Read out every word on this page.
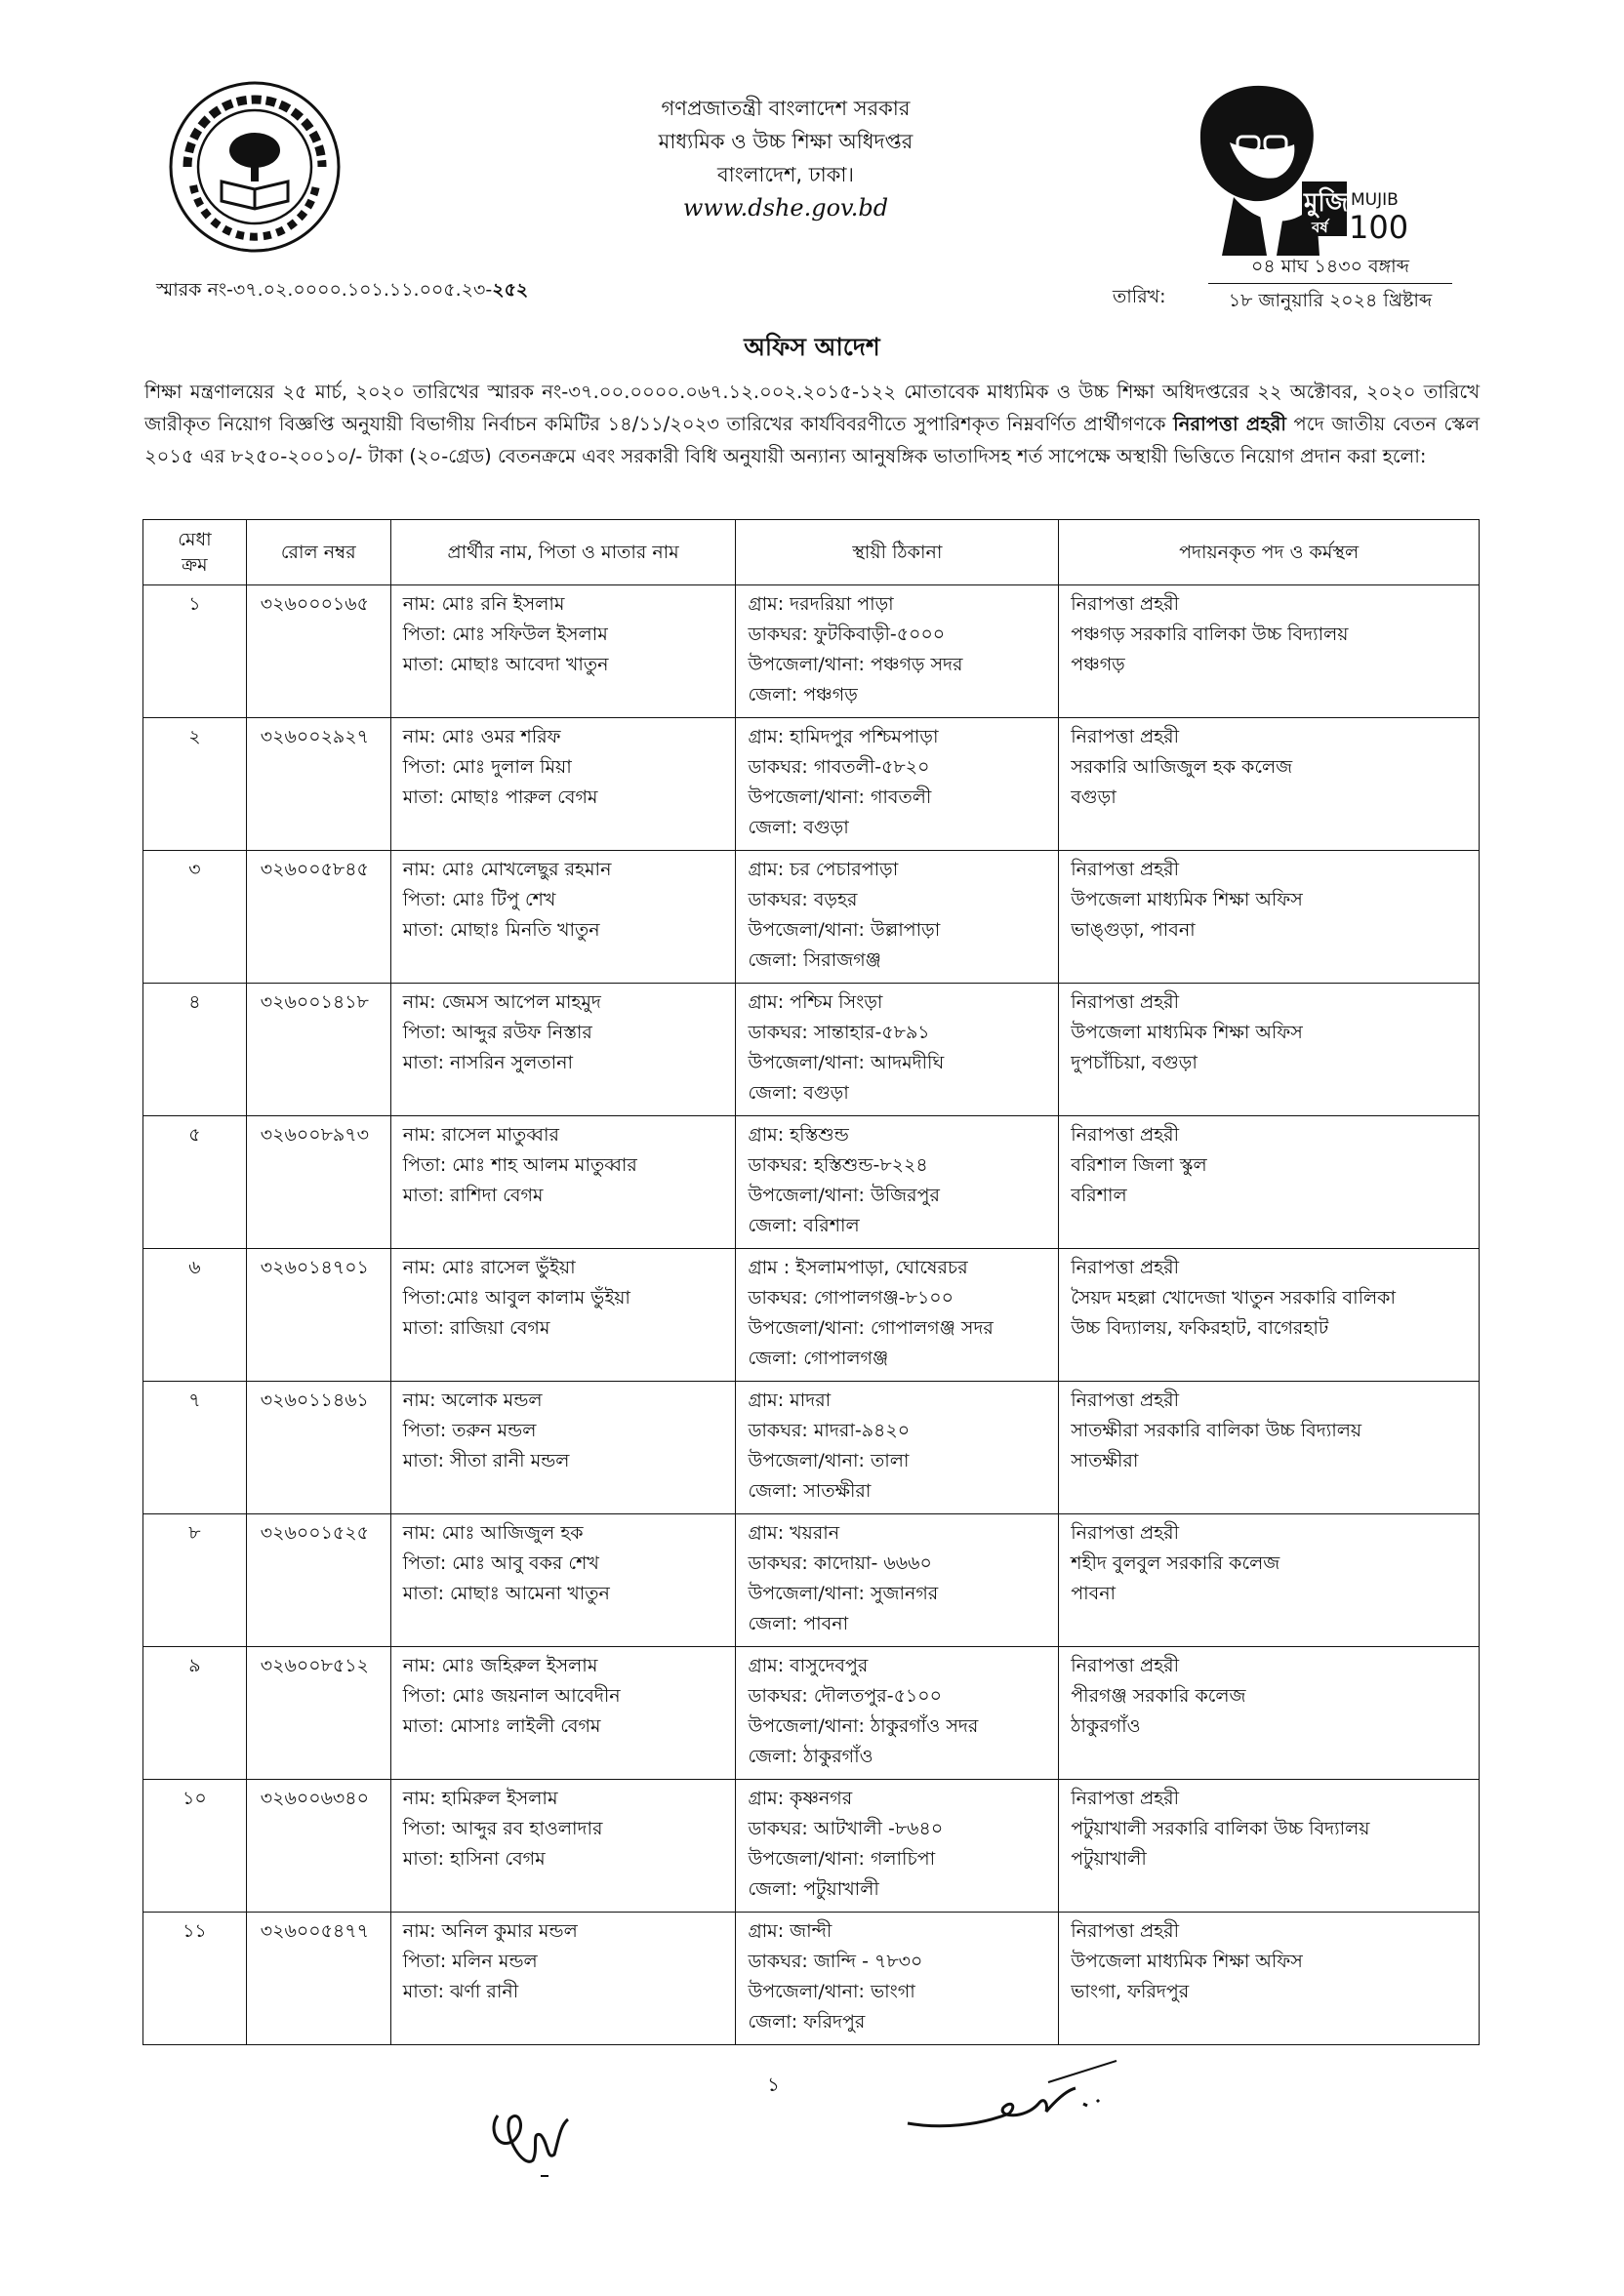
গণপ্রজাতন্ত্রী বাংলাদেশ সরকার
মাধ্যমিক ও উচ্চ শিক্ষা অধিদপ্তর
বাংলাদেশ, ঢাকা।
www.dshe.gov.bd	মুজিব
বর্ষ
MUJIB
100
স্মারক নং-৩৭.০২.০০০০.১০১.১১.০০৫.২৩-২৫২	তারিখ:
০৪ মাঘ ১৪৩০ বঙ্গাব্দ
১৮ জানুয়ারি ২০২৪ খ্রিষ্টাব্দ
অফিস আদেশ
শিক্ষা মন্ত্রণালয়ের ২৫ মার্চ, ২০২০ তারিখের স্মারক নং-৩৭.০০.০০০০.০৬৭.১২.০০২.২০১৫-১২২ মোতাবেক মাধ্যমিক ও উচ্চ শিক্ষা অধিদপ্তরের ২২ অক্টোবর, ২০২০ তারিখে জারীকৃত নিয়োগ বিজ্ঞপ্তি অনুযায়ী বিভাগীয় নির্বাচন কমিটির ১৪/১১/২০২৩ তারিখের কার্যবিবরণীতে সুপারিশকৃত নিম্নবর্ণিত প্রার্থীগণকে নিরাপত্তা প্রহরী পদে জাতীয় বেতন স্কেল ২০১৫ এর ৮২৫০-২০০১০/- টাকা (২০-গ্রেড) বেতনক্রমে এবং সরকারী বিধি অনুযায়ী অন্যান্য আনুষঙ্গিক ভাতাদিসহ শর্ত সাপেক্ষে অস্থায়ী ভিত্তিতে নিয়োগ প্রদান করা হলো:
মেধা
ক্রম	রোল নম্বর	প্রার্থীর নাম, পিতা ও মাতার নাম	স্থায়ী ঠিকানা	পদায়নকৃত পদ ও কর্মস্থল
১	৩২৬০০০১৬৫	নাম: মোঃ রনি ইসলাম
পিতা: মোঃ সফিউল ইসলাম
মাতা: মোছাঃ আবেদা খাতুন	গ্রাম: দরদরিয়া পাড়া
ডাকঘর: ফুটকিবাড়ী-৫০০০
উপজেলা/থানা: পঞ্চগড় সদর
জেলা: পঞ্চগড়	নিরাপত্তা প্রহরী
পঞ্চগড় সরকারি বালিকা উচ্চ বিদ্যালয়
পঞ্চগড়

২	৩২৬০০২৯২৭	নাম: মোঃ ওমর শরিফ
পিতা: মোঃ দুলাল মিয়া
মাতা: মোছাঃ পারুল বেগম	গ্রাম: হামিদপুর পশ্চিমপাড়া
ডাকঘর: গাবতলী-৫৮২০
উপজেলা/থানা: গাবতলী
জেলা: বগুড়া	নিরাপত্তা প্রহরী
সরকারি আজিজুল হক কলেজ
বগুড়া

৩	৩২৬০০৫৮৪৫	নাম: মোঃ মোখলেছুর রহমান
পিতা: মোঃ টিপু শেখ
মাতা: মোছাঃ মিনতি খাতুন	গ্রাম: চর পেচারপাড়া
ডাকঘর: বড়হর
উপজেলা/থানা: উল্লাপাড়া
জেলা: সিরাজগঞ্জ	নিরাপত্তা প্রহরী
উপজেলা মাধ্যমিক শিক্ষা অফিস
ভাঙ্গুড়া, পাবনা

৪	৩২৬০০১৪১৮	নাম: জেমস আপেল মাহমুদ
পিতা: আব্দুর রউফ নিস্তার
মাতা: নাসরিন সুলতানা	গ্রাম: পশ্চিম সিংড়া
ডাকঘর: সান্তাহার-৫৮৯১
উপজেলা/থানা: আদমদীঘি
জেলা: বগুড়া	নিরাপত্তা প্রহরী
উপজেলা মাধ্যমিক শিক্ষা অফিস
দুপচাঁচিয়া, বগুড়া

৫	৩২৬০০৮৯৭৩	নাম: রাসেল মাতুব্বার
পিতা: মোঃ শাহ আলম মাতুব্বার
মাতা: রাশিদা বেগম	গ্রাম: হস্তিশুন্ড
ডাকঘর: হস্তিশুন্ড-৮২২৪
উপজেলা/থানা: উজিরপুর
জেলা: বরিশাল	নিরাপত্তা প্রহরী
বরিশাল জিলা স্কুল
বরিশাল

৬	৩২৬০১৪৭০১	নাম: মোঃ রাসেল ভুঁইয়া
পিতা:মোঃ আবুল কালাম ভুঁইয়া
মাতা: রাজিয়া বেগম	গ্রাম : ইসলামপাড়া, ঘোষেরচর
ডাকঘর: গোপালগঞ্জ-৮১০০
উপজেলা/থানা: গোপালগঞ্জ সদর
জেলা: গোপালগঞ্জ	নিরাপত্তা প্রহরী
সৈয়দ মহল্লা খোদেজা খাতুন সরকারি বালিকা
উচ্চ বিদ্যালয়, ফকিরহাট, বাগেরহাট

৭	৩২৬০১১৪৬১	নাম: অলোক মন্ডল
পিতা: তরুন মন্ডল
মাতা: সীতা রানী মন্ডল	গ্রাম: মাদরা
ডাকঘর: মাদরা-৯৪২০
উপজেলা/থানা: তালা
জেলা: সাতক্ষীরা	নিরাপত্তা প্রহরী
সাতক্ষীরা সরকারি বালিকা উচ্চ বিদ্যালয়
সাতক্ষীরা

৮	৩২৬০০১৫২৫	নাম: মোঃ আজিজুল হক
পিতা: মোঃ আবু বকর শেখ
মাতা: মোছাঃ আমেনা খাতুন	গ্রাম: খয়রান
ডাকঘর: কাদোয়া- ৬৬৬০
উপজেলা/থানা: সুজানগর
জেলা: পাবনা	নিরাপত্তা প্রহরী
শহীদ বুলবুল সরকারি কলেজ
পাবনা

৯	৩২৬০০৮৫১২	নাম: মোঃ জহিরুল ইসলাম
পিতা: মোঃ জয়নাল আবেদীন
মাতা: মোসাঃ লাইলী বেগম	গ্রাম: বাসুদেবপুর
ডাকঘর: দৌলতপুর-৫১০০
উপজেলা/থানা: ঠাকুরগাঁও সদর
জেলা: ঠাকুরগাঁও	নিরাপত্তা প্রহরী
পীরগঞ্জ সরকারি কলেজ
ঠাকুরগাঁও

১০	৩২৬০০৬৩৪০	নাম: হামিরুল ইসলাম
পিতা: আব্দুর রব হাওলাদার
মাতা: হাসিনা বেগম	গ্রাম: কৃষ্ণনগর
ডাকঘর: আটখালী -৮৬৪০
উপজেলা/থানা: গলাচিপা
জেলা: পটুয়াখালী	নিরাপত্তা প্রহরী
পটুয়াখালী সরকারি বালিকা উচ্চ বিদ্যালয়
পটুয়াখালী

১১	৩২৬০০৫৪৭৭	নাম: অনিল কুমার মন্ডল
পিতা: মলিন মন্ডল
মাতা: ঝর্ণা রানী	গ্রাম: জান্দী
ডাকঘর: জান্দি - ৭৮৩০
উপজেলা/থানা: ভাংগা
জেলা: ফরিদপুর	নিরাপত্তা প্রহরী
উপজেলা মাধ্যমিক শিক্ষা অফিস
ভাংগা, ফরিদপুর
১
